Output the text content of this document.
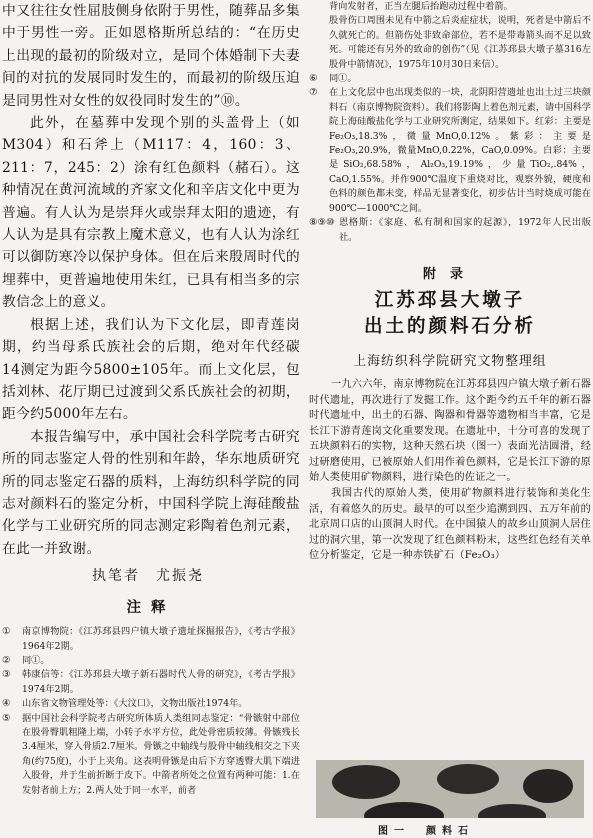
中又往往女性屈肢侧身依附于男性，随葬品多集中于男性一旁。正如恩格斯所总结的：“在历史上出现的最初的阶级对立，是同个体婚制下夫妻间的对抗的发展同时发生的，而最初的阶级压迫是同男性对女性的奴役同时发生的”⑩。

此外，在墓葬中发现个别的头盖骨上（如M304）和石斧上（M117：4，160：3、211：7，245：2）涂有红色颜料（赭石）。这种情况在黄河流域的齐家文化和辛店文化中更为普遍。有人认为是崇拜火或崇拜太阳的遗迹，有人认为是具有宗教上魔术意义，也有人认为涂红可以御防寒冷以保护身体。但在后来殷周时代的埋葬中，更普遍地使用朱红，已具有相当多的宗教信念上的意义。

根据上述，我们认为下文化层，即青莲岗期，约当母系氏族社会的后期，绝对年代经碳14测定为距今5800±105年。而上文化层，包括刘林、花厅期已过渡到父系氏族社会的初期，距今约5000年左右。

本报告编写中，承中国社会科学院考古研究所的同志鉴定人骨的性别和年龄，华东地质研究所的同志鉴定石器的质料，上海纺织科学院的同志对颜料石的鉴定分析，中国科学院上海硅酸盐化学与工业研究所的同志测定彩陶着色剂元素，在此一并致谢。

执笔者　尤振尧

注释
①	南京博物院：《江苏邳县四户镇大墩子遗址探掘报告》，《考古学报》1964年2期。
②	同①。
③	韩康信等：《江苏邳县大墩子新石器时代人骨的研究》，《考古学报》1974年2期。
④	山东省文物管理处等：《大汶口》，文物出版社1974年。
⑤	据中国社会科学院考古研究所体质人类组同志鉴定：“骨镞射中部位在股骨臀肌粗隆上端，小转子水平方位，此处骨密质较薄。骨镞残长3.4厘米，穿入骨质2.7厘米。骨镞之中轴线与股骨中轴线相交之下夹角(约75度)，小于上夹角。这表明骨镞是由后下方穿透臀大肌下端进入股骨，并于生前折断于皮下。中箭者所处之位置有两种可能：1.在发射者前上方；2.两人处于同一水平，前者

背向发射者，正当左腿后抬跑动过程中着箭。

股骨伤口周围未见有中箭之后炎症症状，说明，死者是中箭后不久就死亡的。但箭伤处非致命部位，若不是带毒箭头而不足以致死。可能还有另外的致命的创伤”（见《江苏邳县大墩子墓316左股骨中箭情况》，1975年10月30日来信）。

⑥	同①。
⑦	在上文化层中也出现类似的一块，北阴阳营遗址也出土过三块颜料石（南京博物院资料）。我们将影陶上着色剂元素，请中国科学院上海硅酸盐化学与工业研究所测定，结果如下。红彩：主要是Fe₂O₃,18.3%，微量MnO,0.12%。紫彩：主要是Fe₂O₃,20.9%，微量MnO,0.22%，CaO,0.09%。白彩：主要是SiO₂,68.58%，Al₂O₃,19.19%，少量TiO₂,.84%，CaO,1.55%。并作900℃温度下重烧对比，观察外貌，硬度和色料的颜色都未变，样品无显著变化，初步估计当时烧成可能在900℃—1000℃之间。
⑧⑨⑩ 恩格斯：《家庭、私有制和国家的起源》，1972年人民出版社。
附录

江苏邳县大墩子

出土的颜料石分析

上海纺织科学院研究文物整理组

一九六六年，南京博物院在江苏邳县四户镇大墩子新石器时代遗址，再次进行了发掘工作。这个距今约五千年的新石器时代遗址中，出土的石器、陶器和骨器等遗物相当丰富，它是长江下游青莲岗文化重要发现。在遗址中，十分可喜的发现了五块颜料石的实物，这种天然石块（图一）表面光洁圆滑，经过研磨使用，已被原始人们用作着色颜料，它是长江下游的原始人类使用矿物颜料，进行染色的佐证之一。

我国古代的原始人类，使用矿物颜料进行装饰和美化生活，有着悠久的历史。最早的可以至少追溯到四、五万年前的北京周口店的山顶洞人时代。在中国猿人的故乡山顶洞人居住过的洞穴里，第一次发现了红色颜料粉末，这些红色经有关单位分析鉴定，它是一种赤铁矿石（Fe₂O₃）

图一　颜料石
